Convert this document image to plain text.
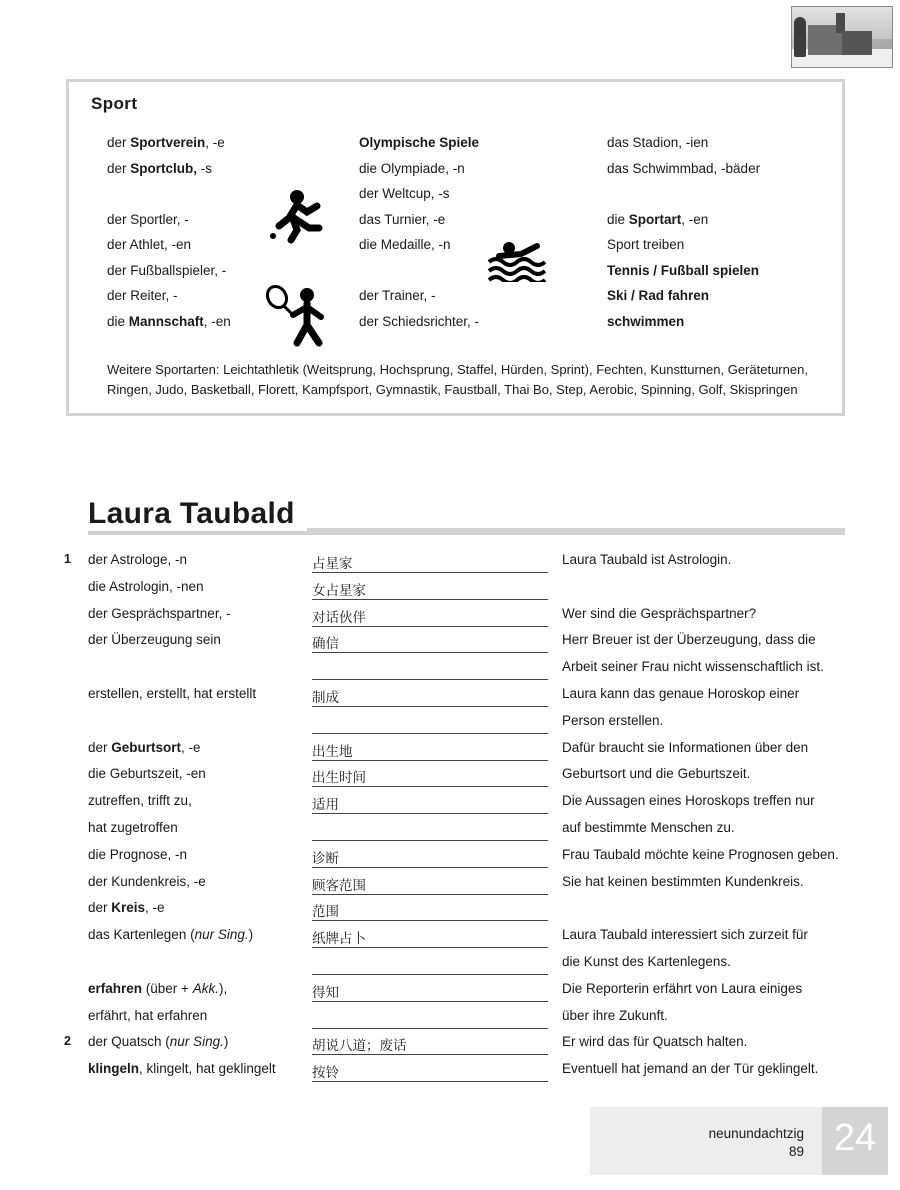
Sport
der Sportverein, -e
der Sportclub, -s
der Sportler, -
der Athlet, -en
der Fußballspieler, -
der Reiter, -
die Mannschaft, -en
Olympische Spiele
die Olympiade, -n
der Weltcup, -s
das Turnier, -e
die Medaille, -n
der Trainer, -
der Schiedsrichter, -
das Stadion, -ien
das Schwimmbad, -bäder
die Sportart, -en
Sport treiben
Tennis / Fußball spielen
Ski / Rad fahren
schwimmen
Weitere Sportarten: Leichtathletik (Weitsprung, Hochsprung, Staffel, Hürden, Sprint), Fechten, Kunstturnen, Geräteturnen, Ringen, Judo, Basketball, Florett, Kampfsport, Gymnastik, Faustball, Thai Bo, Step, Aerobic, Spinning, Golf, Skispringen
Laura Taubald
1 der Astrologe, -n	占星家	Laura Taubald ist Astrologin.
die Astrologin, -nen	女占星家
der Gesprächspartner, -	对话伙伴	Wer sind die Gesprächspartner?
der Überzeugung sein	确信	Herr Breuer ist der Überzeugung, dass die
Arbeit seiner Frau nicht wissenschaftlich ist.
erstellen, erstellt, hat erstellt	制成	Laura kann das genaue Horoskop einer
Person erstellen.
der Geburtsort, -e	出生地	Dafür braucht sie Informationen über den
die Geburtszeit, -en	出生时间	Geburtsort und die Geburtszeit.
zutreffen, trifft zu,	适用	Die Aussagen eines Horoskops treffen nur
hat zugetroffen	auf bestimmte Menschen zu.
die Prognose, -n	诊断	Frau Taubald möchte keine Prognosen geben.
der Kundenkreis, -e	顾客范围	Sie hat keinen bestimmten Kundenkreis.
der Kreis, -e	范围
das Kartenlegen (nur Sing.)	纸牌占卜	Laura Taubald interessiert sich zurzeit für
die Kunst des Kartenlegens.
erfahren (über + Akk.),	得知	Die Reporterin erfährt von Laura einiges
erfährt, hat erfahren	über ihre Zukunft.
2 der Quatsch (nur Sing.)	胡说八道；废话	Er wird das für Quatsch halten.
klingeln, klingelt, hat geklingelt	按铃	Eventuell hat jemand an der Tür geklingelt.
neunundachtzig
89 24
